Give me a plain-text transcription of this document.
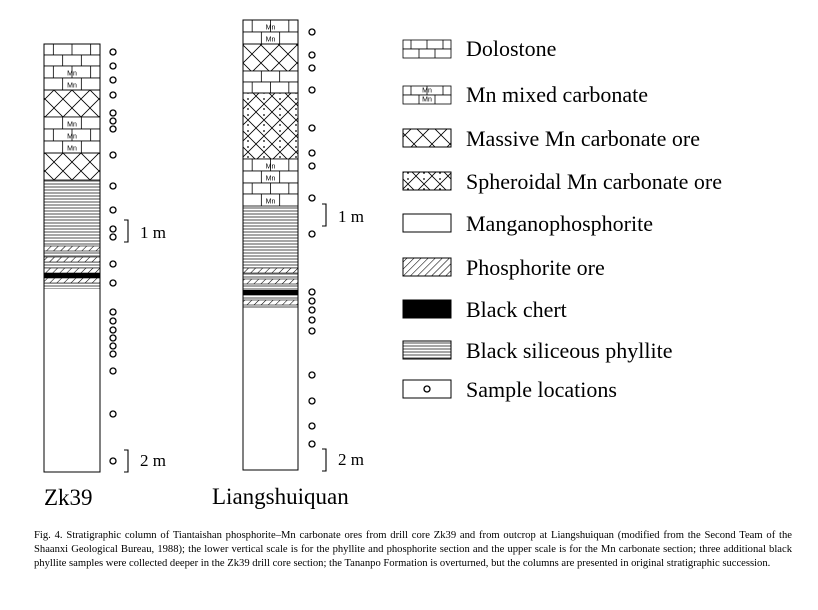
Mn
Mn
Mn
Mn
Mn
1 m
2 m
Zk39
Mn
Mn
Mn
Mn
Mn
1 m
2 m
Liangshuiquan
Dolostone
Mn
Mn Mn mixed carbonate
Massive Mn carbonate ore
Spheroidal Mn carbonate ore
Manganophosphorite
Phosphorite ore
Black chert
Black siliceous phyllite
Sample locations

Fig. 4. Stratigraphic column of Tiantaishan phosphorite–Mn carbonate ores from drill core Zk39 and from outcrop at Liangshuiquan (modified from the Second Team of the Shaanxi Geological Bureau, 1988); the lower vertical scale is for the phyllite and phosphorite section and the upper scale is for the Mn carbonate section; three additional black phyllite samples were collected deeper in the Zk39 drill core section; the Tananpo Formation is overturned, but the columns are presented in original stratigraphic succession.
